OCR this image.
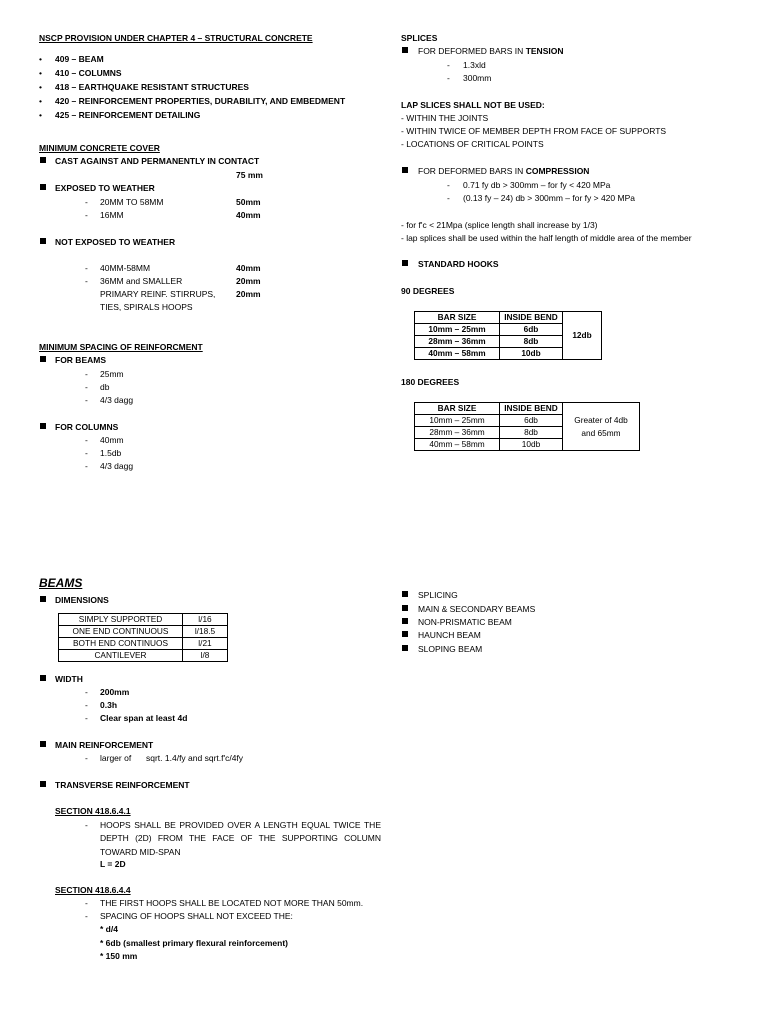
NSCP PROVISION UNDER CHAPTER 4 – STRUCTURAL CONCRETE
• 409 – BEAM
• 410 – COLUMNS
• 418 – EARTHQUAKE RESISTANT STRUCTURES
• 420 – REINFORCEMENT PROPERTIES, DURABILITY, AND EMBEDMENT
• 425 – REINFORCEMENT DETAILING
MINIMUM CONCRETE COVER
CAST AGAINST AND PERMANENTLY IN CONTACT
75 mm
EXPOSED TO WEATHER
- 20MM TO 58MM	50mm
- 16MM	40mm
NOT EXPOSED TO WEATHER
- 40MM-58MM	40mm
- 36MM and SMALLER	20mm
PRIMARY REINF. STIRRUPS, 20mm
TIES, SPIRALS HOOPS
MINIMUM SPACING OF REINFORCMENT
FOR BEAMS
- 25mm
- db
- 4/3 dagg
FOR COLUMNS
- 40mm
- 1.5db
- 4/3 dagg
SPLICES
FOR DEFORMED BARS IN TENSION
- 1.3xld
- 300mm
LAP SLICES SHALL NOT BE USED:
- WITHIN THE JOINTS
- WITHIN TWICE OF MEMBER DEPTH FROM FACE OF SUPPORTS
- LOCATIONS OF CRITICAL POINTS
FOR DEFORMED BARS IN COMPRESSION
- 0.71 fy db > 300mm – for fy < 420 MPa
- (0.13 fy – 24) db > 300mm – for fy > 420 MPa
- for f'c < 21Mpa (splice length shall increase by 1/3)
- lap splices shall be used within the half length of middle area of the member
STANDARD HOOKS
90 DEGREES
BAR SIZE	INSIDE BEND	12db
10mm – 25mm	6db	
28mm – 36mm	8db	
40mm – 58mm	10db	
180 DEGREES
BAR SIZE	INSIDE BEND	Greater of 4db
and 65mm
10mm – 25mm	6db	
28mm – 36mm	8db	
40mm – 58mm	10db	
BEAMS
DIMENSIONS
SIMPLY SUPPORTED	l/16
ONE END CONTINUOUS	l/18.5
BOTH END CONTINUOS	l/21
CANTILEVER	l/8
WIDTH
- 200mm
- 0.3h
- Clear span at least 4d
MAIN REINFORCEMENT
- larger of sqrt. 1.4/fy and sqrt.f'c/4fy
TRANSVERSE REINFORCEMENT
SECTION 418.6.4.1
- HOOPS SHALL BE PROVIDED OVER A LENGTH EQUAL TWICE THE DEPTH (2D) FROM THE FACE OF THE SUPPORTING COLUMN TOWARD MID-SPAN
L = 2D
SECTION 418.6.4.4
- THE FIRST HOOPS SHALL BE LOCATED NOT MORE THAN 50mm.
- SPACING OF HOOPS SHALL NOT EXCEED THE:
* d/4
* 6db (smallest primary flexural reinforcement)
* 150 mm
SPLICING
MAIN & SECONDARY BEAMS
NON-PRISMATIC BEAM
HAUNCH BEAM
SLOPING BEAM
